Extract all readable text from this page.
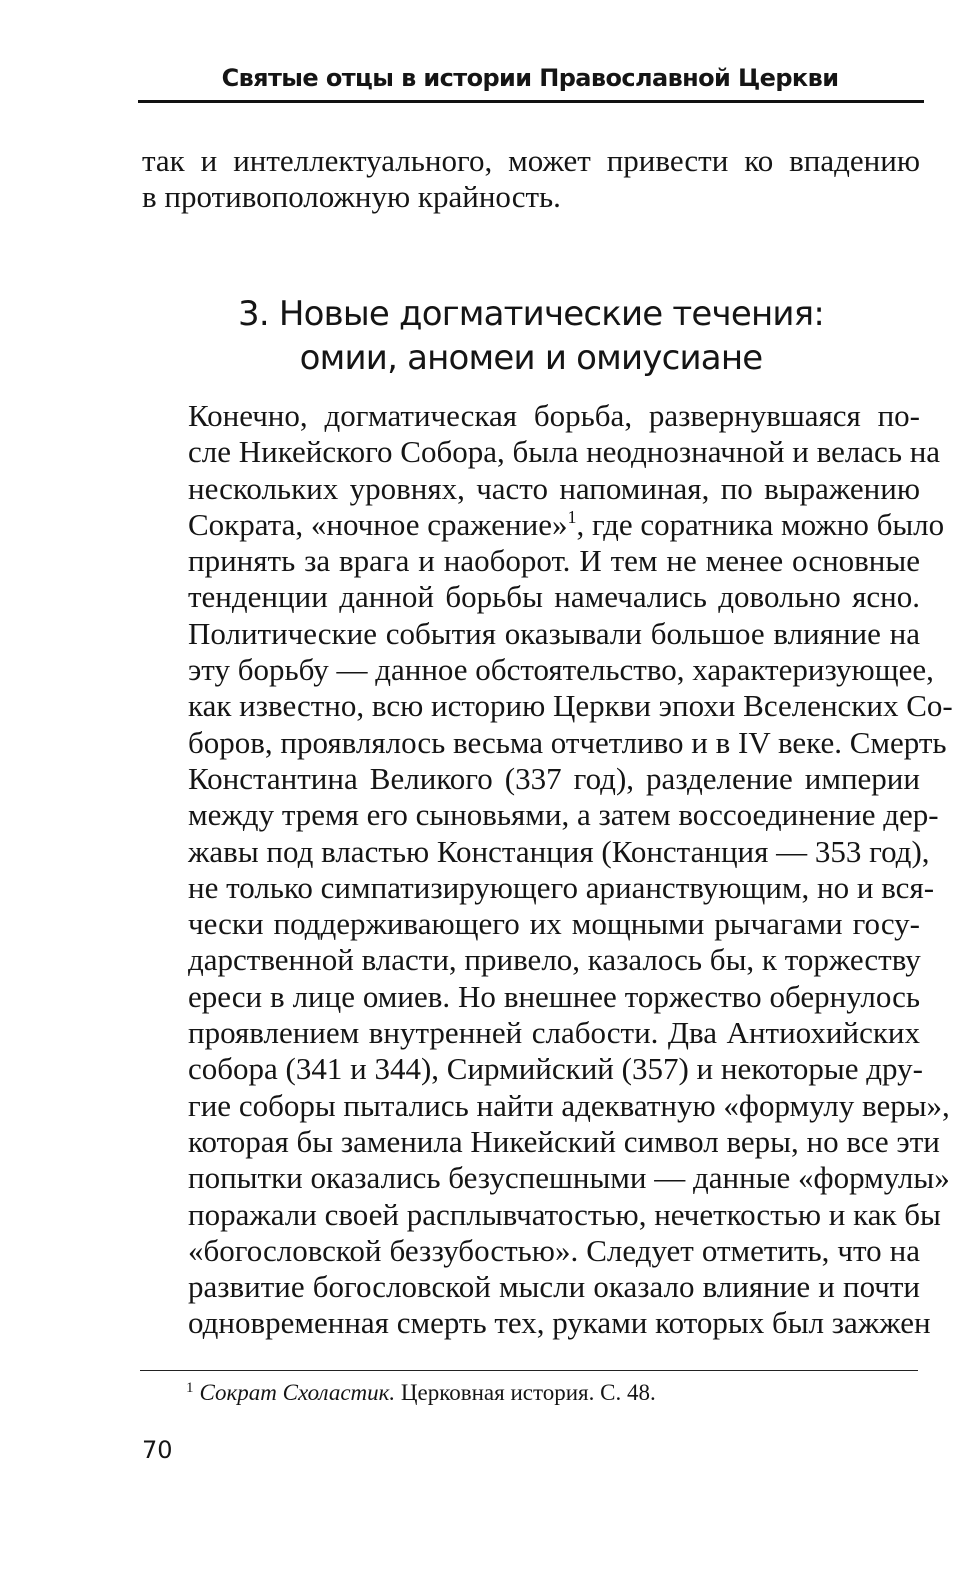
Святые отцы в истории Православной Церкви

так и интеллектуального, может привести ко впадению
в противоположную крайность.

3. Новые догматические течения:
омии, аномеи и омиусиане

Конечно, догматическая борьба, развернувшаяся по-
сле Никейского Собора, была неоднозначной и велась на
нескольких уровнях, часто напоминая, по выражению
Сократа, «ночное сражение»$^1$, где соратника можно было
принять за врага и наоборот. И тем не менее основные
тенденции данной борьбы намечались довольно ясно.
Политические события оказывали большое влияние на
эту борьбу — данное обстоятельство, характеризующее,
как известно, всю историю Церкви эпохи Вселенских Со-
боров, проявлялось весьма отчетливо и в IV веке. Смерть
Константина Великого (337 год), разделение империи
между тремя его сыновьями, а затем воссоединение дер-
жавы под властью Констанция (Констанция — 353 год),
не только симпатизирующего арианствующим, но и вся-
чески поддерживающего их мощными рычагами госу-
дарственной власти, привело, казалось бы, к торжеству
ереси в лице омиев. Но внешнее торжество обернулось
проявлением внутренней слабости. Два Антиохийских
собора (341 и 344), Сирмийский (357) и некоторые дру-
гие соборы пытались найти адекватную «формулу веры»,
которая бы заменила Никейский символ веры, но все эти
попытки оказались безуспешными — данные «формулы»
поражали своей расплывчатостью, нечеткостью и как бы
«богословской беззубостью». Следует отметить, что на
развитие богословской мысли оказало влияние и почти
одновременная смерть тех, руками которых был зажжен

$^1$ Сократ Схоластик. Церковная история. С. 48.
70
